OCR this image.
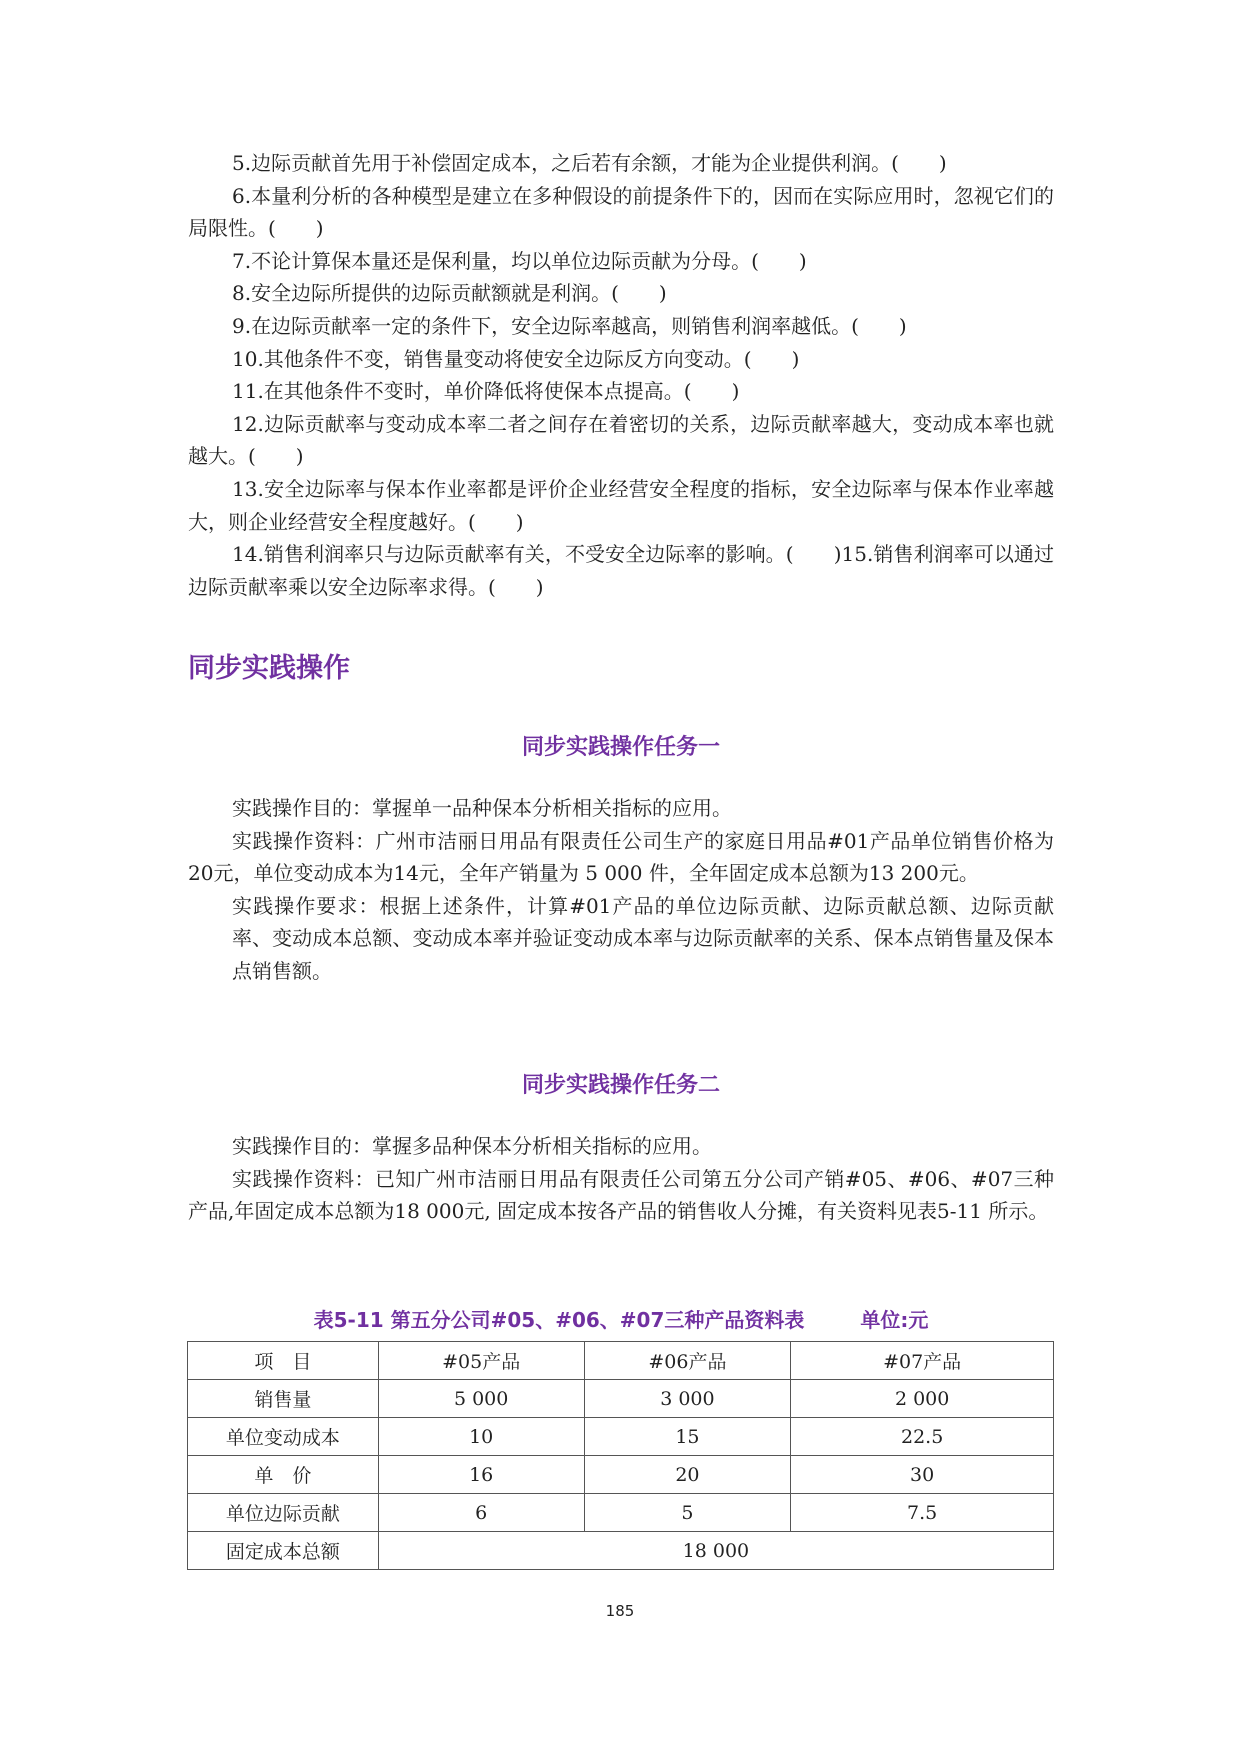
5.边际贡献首先用于补偿固定成本，之后若有余额，才能为企业提供利润。(　　)

6.本量利分析的各种模型是建立在多种假设的前提条件下的，因而在实际应用时，忽视它们的局限性。(　　)

7.不论计算保本量还是保利量，均以单位边际贡献为分母。(　　)

8.安全边际所提供的边际贡献额就是利润。(　　)

9.在边际贡献率一定的条件下，安全边际率越高，则销售利润率越低。(　　)

10.其他条件不变，销售量变动将使安全边际反方向变动。(　　)

11.在其他条件不变时，单价降低将使保本点提高。(　　)

12.边际贡献率与变动成本率二者之间存在着密切的关系，边际贡献率越大，变动成本率也就越大。(　　)

13.安全边际率与保本作业率都是评价企业经营安全程度的指标，安全边际率与保本作业率越大，则企业经营安全程度越好。(　　)

14.销售利润率只与边际贡献率有关，不受安全边际率的影响。(　　)15.销售利润率可以通过边际贡献率乘以安全边际率求得。(　　)

同步实践操作
同步实践操作任务一

实践操作目的：掌握单一品种保本分析相关指标的应用。

实践操作资料：广州市洁丽日用品有限责任公司生产的家庭日用品#01产品单位销售价格为20元，单位变动成本为14元，全年产销量为 5 000 件，全年固定成本总额为13 200元。

实践操作要求：根据上述条件，计算#01产品的单位边际贡献、边际贡献总额、边际贡献率、变动成本总额、变动成本率并验证变动成本率与边际贡献率的关系、保本点销售量及保本点销售额。

同步实践操作任务二

实践操作目的：掌握多品种保本分析相关指标的应用。

实践操作资料：已知广州市洁丽日用品有限责任公司第五分公司产销#05、#06、#07三种产品,年固定成本总额为18 000元, 固定成本按各产品的销售收人分摊，有关资料见表5-11 所示。

表5-11 第五分公司#05、#06、#07三种产品资料表	单位:元
项　目	#05产品	#06产品	#07产品
销售量	5 000	3 000	2 000
单位变动成本	10	15	22.5
单　价	16	20	30
单位边际贡献	6	5	7.5
固定成本总额	18 000		
185
